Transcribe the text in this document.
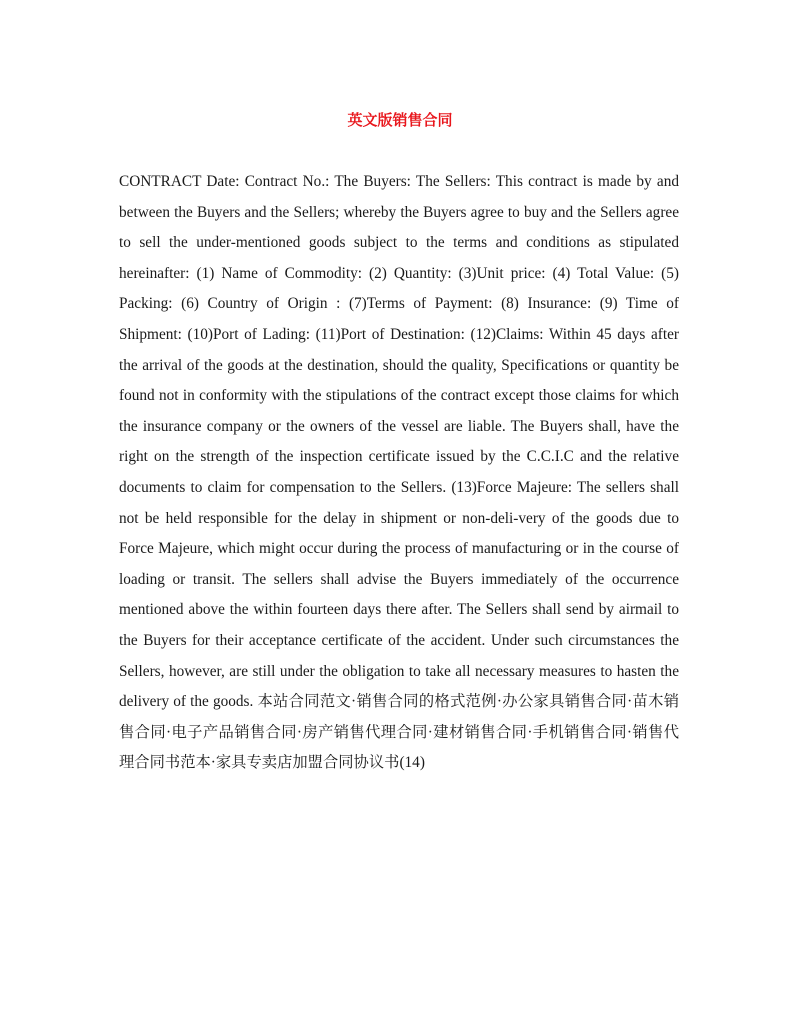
英文版销售合同

CONTRACT Date: Contract No.: The Buyers: The Sellers: This contract is made by and between the Buyers and the Sellers; whereby the Buyers agree to buy and the Sellers agree to sell the under-mentioned goods subject to the terms and conditions as stipulated hereinafter: (1) Name of Commodity: (2) Quantity: (3)Unit price: (4) Total Value: (5) Packing: (6) Country of Origin : (7)Terms of Payment: (8) Insurance: (9) Time of Shipment: (10)Port of Lading: (11)Port of Destination: (12)Claims: Within 45 days after the arrival of the goods at the destination, should the quality, Specifications or quantity be found not in conformity with the stipulations of the contract except those claims for which the insurance company or the owners of the vessel are liable. The Buyers shall, have the right on the strength of the inspection certificate issued by the C.C.I.C and the relative documents to claim for compensation to the Sellers. (13)Force Majeure: The sellers shall not be held responsible for the delay in shipment or non-deli-very of the goods due to Force Majeure, which might occur during the process of manufacturing or in the course of loading or transit. The sellers shall advise the Buyers immediately of the occurrence mentioned above the within fourteen days there after. The Sellers shall send by airmail to the Buyers for their acceptance certificate of the accident. Under such circumstances the Sellers, however, are still under the obligation to take all necessary measures to hasten the delivery of the goods. 本站合同范文·销售合同的格式范例·办公家具销售合同·苗木销售合同·电子产品销售合同·房产销售代理合同·建材销售合同·手机销售合同·销售代理合同书范本·家具专卖店加盟合同协议书(14)
